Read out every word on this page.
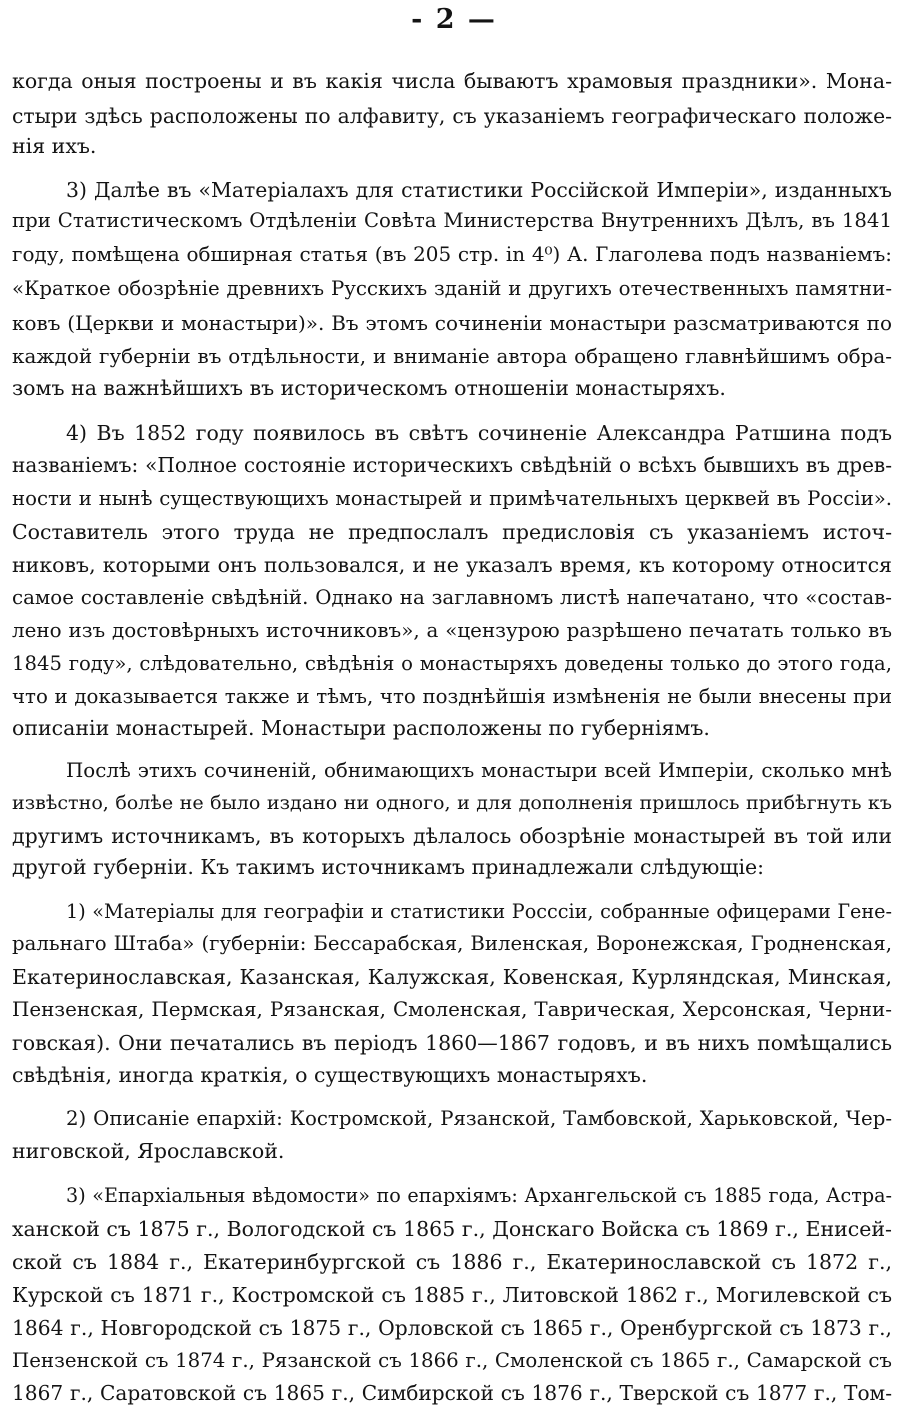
- 2 —
когда оныя построены и въ какія числа бываютъ храмовыя праздники». Мона-
стыри здѣсь расположены по алфавиту, съ указаніемъ географическаго положе-
нія ихъ.
3) Далѣе въ «Матеріалахъ для статистики Россійской Имперіи», изданныхъ
при Статистическомъ Отдѣленіи Совѣта Министерства Внутреннихъ Дѣлъ, въ 1841
году, помѣщена обширная статья (въ 205 стр. in 4⁰) А. Глаголева подъ названіемъ:
«Краткое обозрѣніе древнихъ Русскихъ зданій и другихъ отечественныхъ памятни-
ковъ (Церкви и монастыри)». Въ этомъ сочиненіи монастыри разсматриваются по
каждой губерніи въ отдѣльности, и вниманіе автора обращено главнѣйшимъ обра-
зомъ на важнѣйшихъ въ историческомъ отношеніи монастыряхъ.
4) Въ 1852 году появилось въ свѣтъ сочиненіе Александра Ратшина подъ
названіемъ: «Полное состояніе историческихъ свѣдѣній о всѣхъ бывшихъ въ древ-
ности и нынѣ существующихъ монастырей и примѣчательныхъ церквей въ Россіи».
Составитель этого труда не предпослалъ предисловія съ указаніемъ источ-
никовъ, которыми онъ пользовался, и не указалъ время, къ которому относится
самое составленіе свѣдѣній. Однако на заглавномъ листѣ напечатано, что «состав-
лено изъ достовѣрныхъ источниковъ», а «цензурою разрѣшено печатать только въ
1845 году», слѣдовательно, свѣдѣнія о монастыряхъ доведены только до этого года,
что и доказывается также и тѣмъ, что позднѣйшія измѣненія не были внесены при
описаніи монастырей. Монастыри расположены по губерніямъ.
Послѣ этихъ сочиненій, обнимающихъ монастыри всей Имперіи, сколько мнѣ
извѣстно, болѣе не было издано ни одного, и для дополненія пришлось прибѣгнуть къ
другимъ источникамъ, въ которыхъ дѣлалось обозрѣніе монастырей въ той или
другой губерніи. Къ такимъ источникамъ принадлежали слѣдующіе:
1) «Матеріалы для географіи и статистики Росссіи, собранные офицерами Гене-
ральнаго Штаба» (губерніи: Бессарабская, Виленская, Воронежская, Гродненская,
Екатеринославская, Казанская, Калужская, Ковенская, Курляндская, Минская,
Пензенская, Пермская, Рязанская, Смоленская, Таврическая, Херсонская, Черни-
говская). Они печатались въ періодъ 1860—1867 годовъ, и въ нихъ помѣщались
свѣдѣнія, иногда краткія, о существующихъ монастыряхъ.
2) Описаніе епархій: Костромской, Рязанской, Тамбовской, Харьковской, Чер-
ниговской, Ярославской.
3) «Епархіальныя вѣдомости» по епархіямъ: Архангельской съ 1885 года, Астра-
ханской съ 1875 г., Вологодской съ 1865 г., Донскаго Войска съ 1869 г., Енисей-
ской съ 1884 г., Екатеринбургской съ 1886 г., Екатеринославской съ 1872 г.,
Курской съ 1871 г., Костромской съ 1885 г., Литовской 1862 г., Могилевской съ
1864 г., Новгородской съ 1875 г., Орловской съ 1865 г., Оренбургской съ 1873 г.,
Пензенской съ 1874 г., Рязанской съ 1866 г., Смоленской съ 1865 г., Самарской съ
1867 г., Саратовской съ 1865 г., Симбирской съ 1876 г., Тверской съ 1877 г., Том-
